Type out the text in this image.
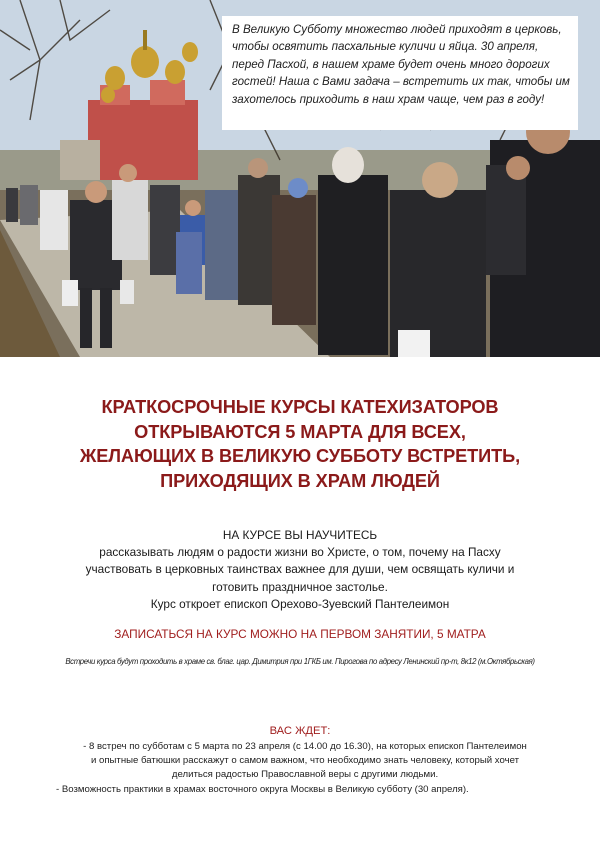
В Великую Субботу множество людей приходят в церковь, чтобы освятить пасхальные куличи и яйца. 30 апреля, перед Пасхой, в нашем храме будет очень много дорогих гостей! Наша с Вами задача – встретить их так, чтобы им захотелось приходить в наш храм чаще, чем раз в году!

КРАТКОСРОЧНЫЕ КУРСЫ КАТЕХИЗАТОРОВ
ОТКРЫВАЮТСЯ 5 МАРТА ДЛЯ ВСЕХ,
ЖЕЛАЮЩИХ В ВЕЛИКУЮ СУББОТУ ВСТРЕТИТЬ,
ПРИХОДЯЩИХ В ХРАМ ЛЮДЕЙ
НА КУРСЕ ВЫ НАУЧИТЕСЬ
рассказывать людям о радости жизни во Христе, о том, почему на Пасху
участвовать в церковных таинствах важнее для души, чем освящать куличи и
готовить праздничное застолье.
Курс откроет епископ Орехово-Зуевский Пантелеимон
ЗАПИСАТЬСЯ НА КУРС МОЖНО НА ПЕРВОМ ЗАНЯТИИ, 5 МАТРА
Встречи курса будут проходить в храме св. благ. цар. Димитрия при 1ГКБ им. Пирогова по адресу Ленинский пр-т, 8к12 (м.Октябрьская)
ВАС ЖДЕТ:
- 8 встреч по субботам с 5 марта по 23 апреля (с 14.00 до 16.30), на которых епископ Пантелеимон
и опытные батюшки расскажут о самом важном, что необходимо знать человеку, который хочет
делиться радостью Православной веры с другими людьми.
- Возможность практики в храмах восточного округа Москвы в Великую субботу (30 апреля).
